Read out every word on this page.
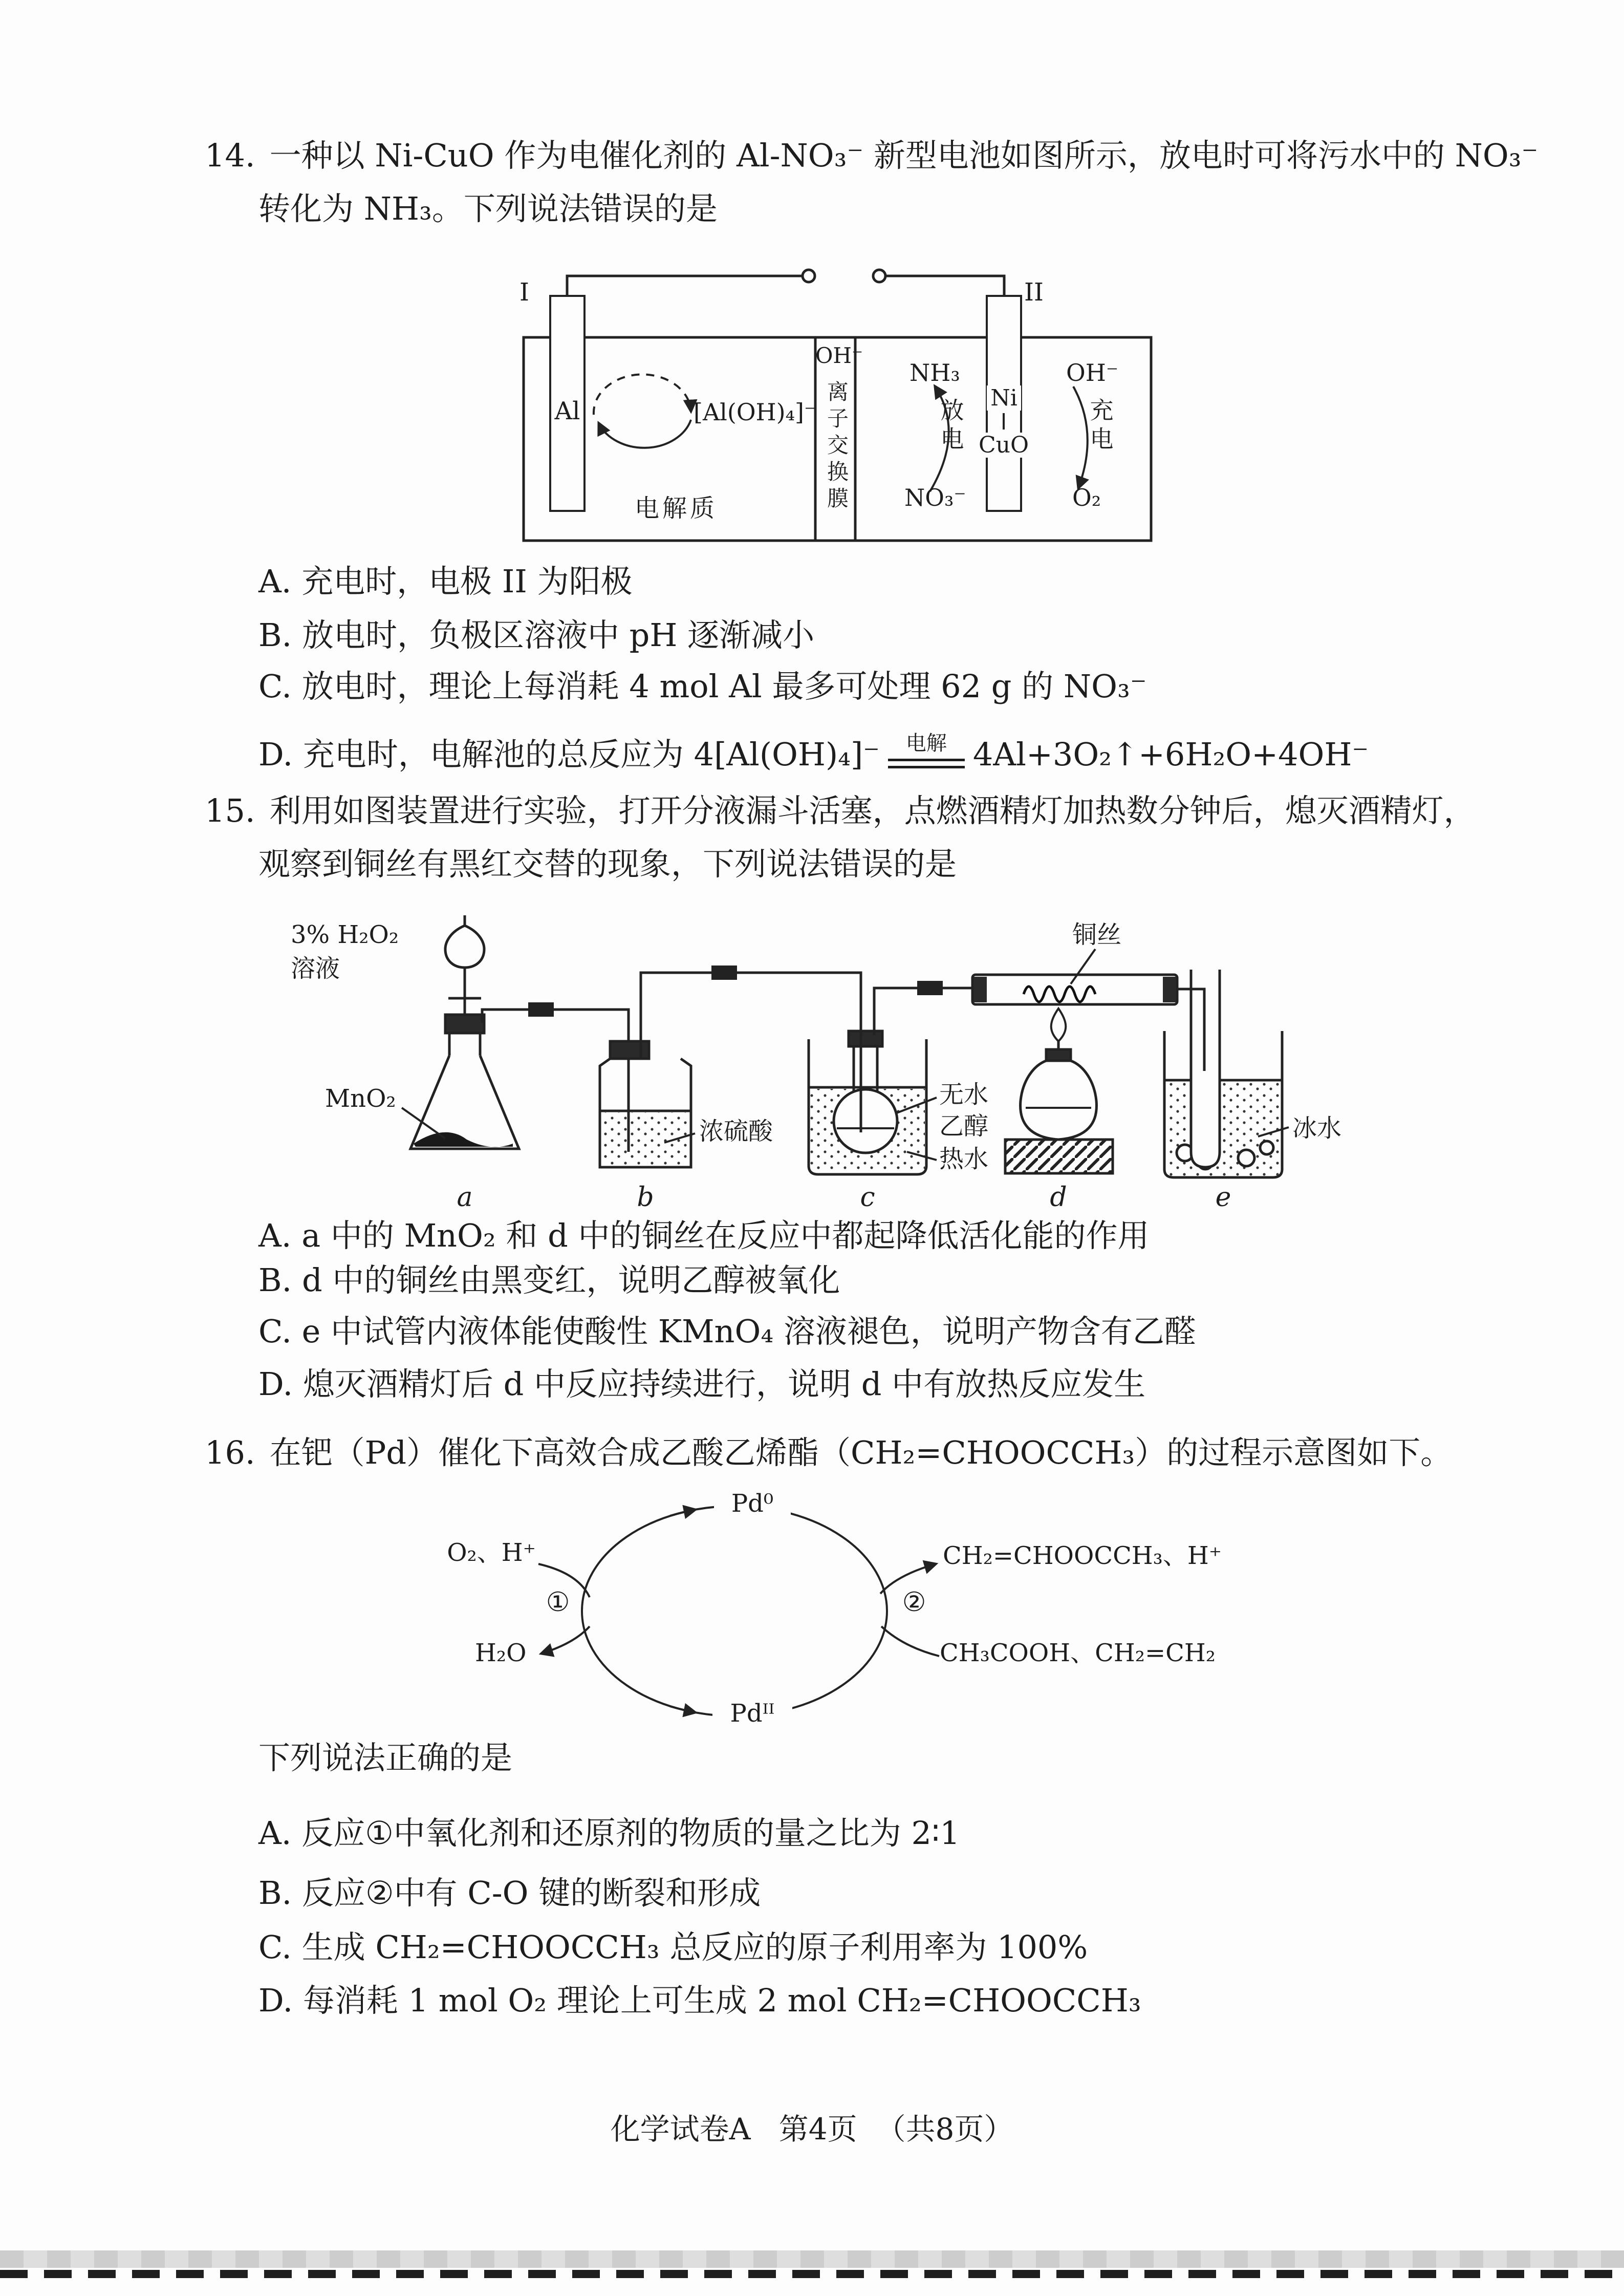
14. 一种以 Ni-CuO 作为电催化剂的 Al-NO₃⁻ 新型电池如图所示，放电时可将污水中的 NO₃⁻
转化为 NH₃。下列说法错误的是
I	II
Al	[Al(OH)₄]⁻
电解质
OH⁻
离子交换膜
NH₃
放电
NO₃⁻
Ni
CuO
OH⁻
充电
O₂
A. 充电时，电极 II 为阳极
B. 放电时，负极区溶液中 pH 逐渐减小
C. 放电时，理论上每消耗 4 mol Al 最多可处理 62 g 的 NO₃⁻
D. 充电时，电解池的总反应为 4[Al(OH)₄]⁻ 电解 4Al+3O₂↑+6H₂O+4OH⁻
15. 利用如图装置进行实验，打开分液漏斗活塞，点燃酒精灯加热数分钟后，熄灭酒精灯，
观察到铜丝有黑红交替的现象，下列说法错误的是
3% H₂O₂
溶液
MnO₂
浓硫酸
无水
乙醇
热水
铜丝
冰水
a	b	c	d	e
A. a 中的 MnO₂ 和 d 中的铜丝在反应中都起降低活化能的作用
B. d 中的铜丝由黑变红，说明乙醇被氧化
C. e 中试管内液体能使酸性 KMnO₄ 溶液褪色，说明产物含有乙醛
D. 熄灭酒精灯后 d 中反应持续进行，说明 d 中有放热反应发生
16. 在钯（Pd）催化下高效合成乙酸乙烯酯（CH₂=CHOOCCH₃）的过程示意图如下。
Pd⁰
Pdᴵᴵ
①	②
O₂、H⁺
H₂O
CH₂=CHOOCCH₃、H⁺
CH₃COOH、CH₂=CH₂
下列说法正确的是
A. 反应①中氧化剂和还原剂的物质的量之比为 2∶1
B. 反应②中有 C-O 键的断裂和形成
C. 生成 CH₂=CHOOCCH₃ 总反应的原子利用率为 100%
D. 每消耗 1 mol O₂ 理论上可生成 2 mol CH₂=CHOOCCH₃
化学试卷A   第4页  （共8页）
